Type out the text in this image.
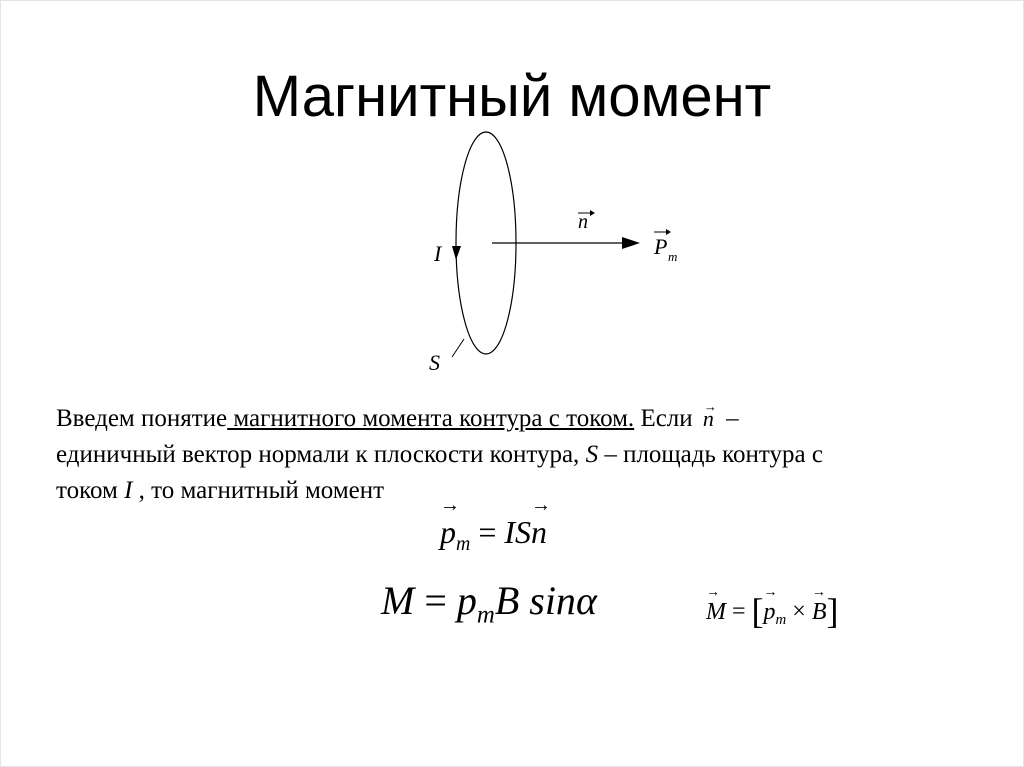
Магнитный момент
I
S
n
P m
Введем понятие магнитного момента контура с током. Если → n –
единичный вектор нормали к плоскости контура, S – площадь контура с
током I , то магнитный момент
→ $p_m = IS\to n$
$M = p_mB$ sinα
→	M = [→ $p_m$ × → B]
